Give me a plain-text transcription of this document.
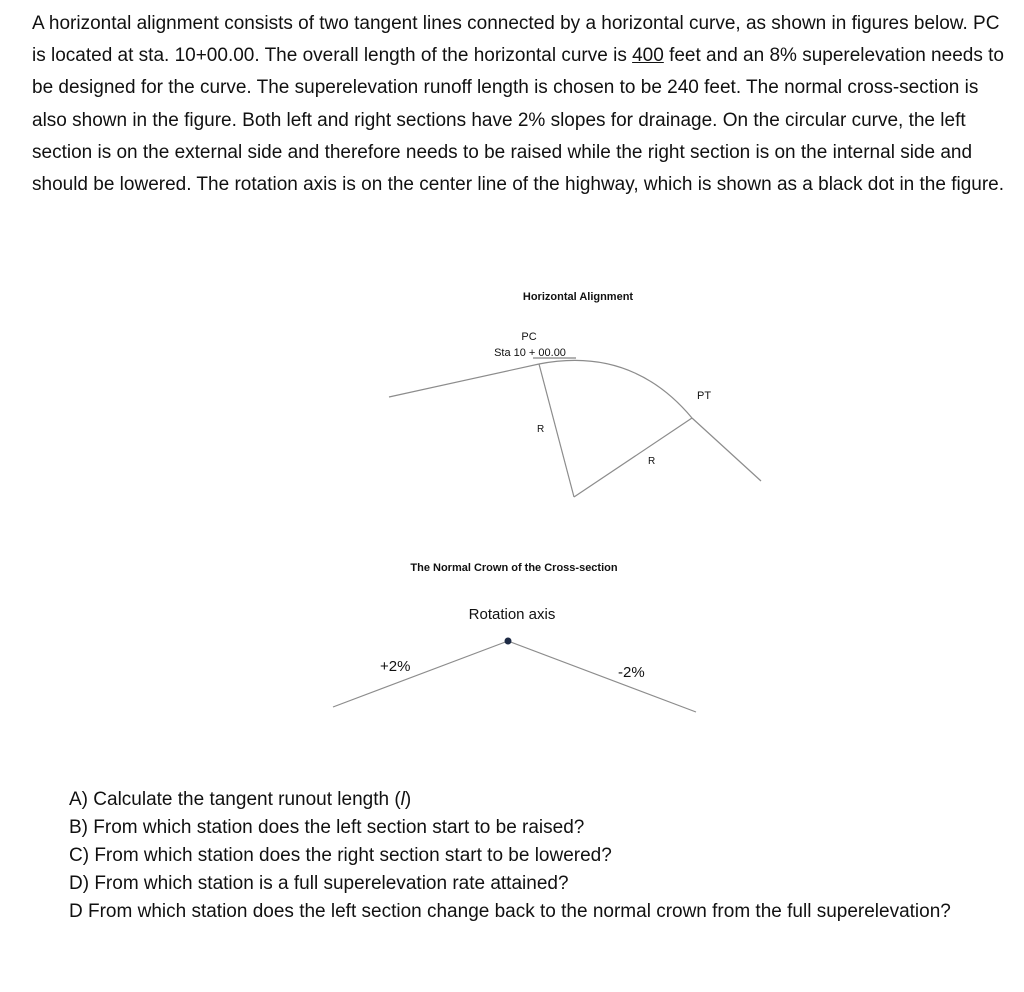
A horizontal alignment consists of two tangent lines connected by a horizontal curve, as shown in figures below. PC is located at sta. 10+00.00. The overall length of the horizontal curve is 400 feet and an 8% superelevation needs to be designed for the curve. The superelevation runoff length is chosen to be 240 feet. The normal cross-section is also shown in the figure. Both left and right sections have 2% slopes for drainage. On the circular curve, the left section is on the external side and therefore needs to be raised while the right section is on the internal side and should be lowered. The rotation axis is on the center line of the highway, which is shown as a black dot in the figure.

Horizontal Alignment
PC
Sta 10 + 00.00
PT
R
R
The Normal Crown of the Cross-section
Rotation axis
+2%	-2%
A) Calculate the tangent runout length (l)
B) From which station does the left section start to be raised?
C) From which station does the right section start to be lowered?
D) From which station is a full superelevation rate attained?
D From which station does the left section change back to the normal crown from the full superelevation?
